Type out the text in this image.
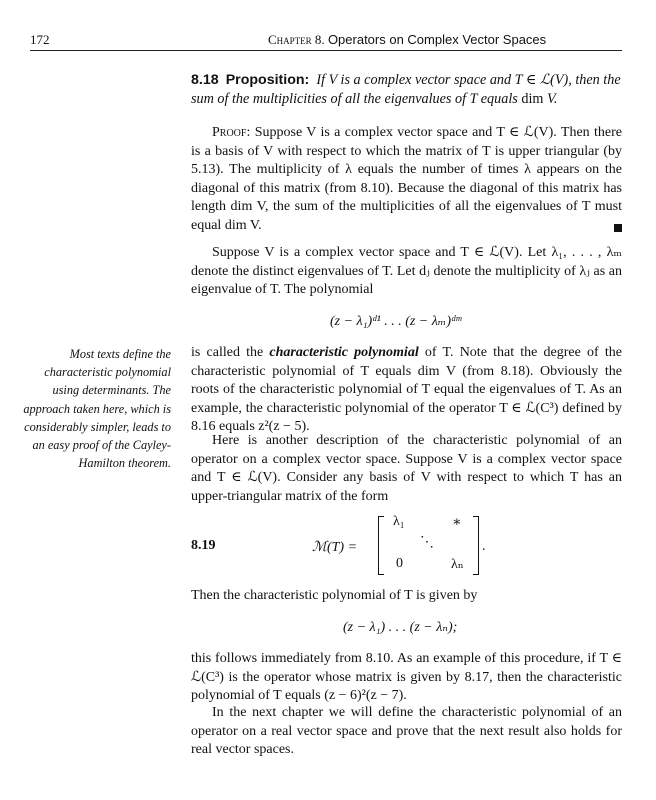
172	Chapter 8. Operators on Complex Vector Spaces
8.18 Proposition: If V is a complex vector space and T ∈ ℒ(V), then the sum of the multiplicities of all the eigenvalues of T equals dim V.
Proof: Suppose V is a complex vector space and T ∈ ℒ(V). Then there is a basis of V with respect to which the matrix of T is upper triangular (by 5.13). The multiplicity of λ equals the number of times λ appears on the diagonal of this matrix (from 8.10). Because the diagonal of this matrix has length dim V, the sum of the multiplicities of all the eigenvalues of T must equal dim V.
Suppose V is a complex vector space and T ∈ ℒ(V). Let λ₁, . . . , λₘ denote the distinct eigenvalues of T. Let dⱼ denote the multiplicity of λⱼ as an eigenvalue of T. The polynomial
(z − λ₁)ᵈ¹ . . . (z − λₘ)ᵈᵐ
Most texts define the characteristic polynomial using determinants. The approach taken here, which is considerably simpler, leads to an easy proof of the Cayley-Hamilton theorem.
is called the characteristic polynomial of T. Note that the degree of the characteristic polynomial of T equals dim V (from 8.18). Obviously the roots of the characteristic polynomial of T equal the eigenvalues of T. As an example, the characteristic polynomial of the operator T ∈ ℒ(C³) defined by 8.16 equals z²(z − 5).
Here is another description of the characteristic polynomial of an operator on a complex vector space. Suppose V is a complex vector space and T ∈ ℒ(V). Consider any basis of V with respect to which T has an upper-triangular matrix of the form
8.19	ℳ(T) =
λ₁	∗
⋱
0	λₙ
.
Then the characteristic polynomial of T is given by
(z − λ₁) . . . (z − λₙ);
this follows immediately from 8.10. As an example of this procedure, if T ∈ ℒ(C³) is the operator whose matrix is given by 8.17, then the characteristic polynomial of T equals (z − 6)²(z − 7).
In the next chapter we will define the characteristic polynomial of an operator on a real vector space and prove that the next result also holds for real vector spaces.
